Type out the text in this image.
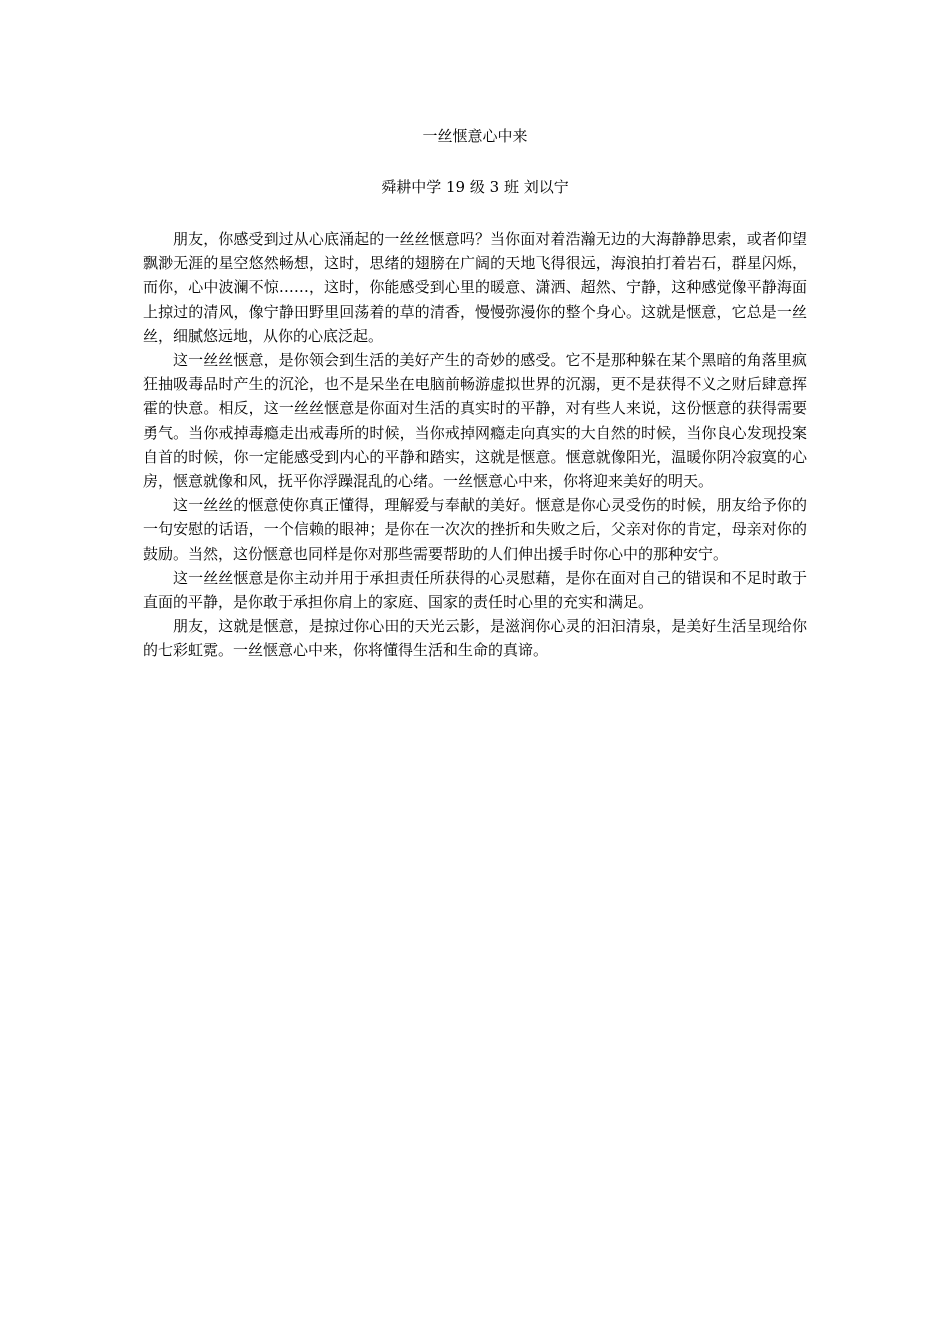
一丝惬意心中来
舜耕中学 19 级 3 班 刘以宁

朋友，你感受到过从心底涌起的一丝丝惬意吗？当你面对着浩瀚无边的大海静静思索，或者仰望飘渺无涯的星空悠然畅想，这时，思绪的翅膀在广阔的天地飞得很远，海浪拍打着岩石，群星闪烁，而你，心中波澜不惊……，这时，你能感受到心里的暖意、潇洒、超然、宁静，这种感觉像平静海面上掠过的清风，像宁静田野里回荡着的草的清香，慢慢弥漫你的整个身心。这就是惬意，它总是一丝丝，细腻悠远地，从你的心底泛起。

这一丝丝惬意，是你领会到生活的美好产生的奇妙的感受。它不是那种躲在某个黑暗的角落里疯狂抽吸毒品时产生的沉沦，也不是呆坐在电脑前畅游虚拟世界的沉溺，更不是获得不义之财后肆意挥霍的快意。相反，这一丝丝惬意是你面对生活的真实时的平静，对有些人来说，这份惬意的获得需要勇气。当你戒掉毒瘾走出戒毒所的时候，当你戒掉网瘾走向真实的大自然的时候，当你良心发现投案自首的时候，你一定能感受到内心的平静和踏实，这就是惬意。惬意就像阳光，温暖你阴冷寂寞的心房，惬意就像和风，抚平你浮躁混乱的心绪。一丝惬意心中来，你将迎来美好的明天。

这一丝丝的惬意使你真正懂得，理解爱与奉献的美好。惬意是你心灵受伤的时候，朋友给予你的一句安慰的话语，一个信赖的眼神；是你在一次次的挫折和失败之后，父亲对你的肯定，母亲对你的鼓励。当然，这份惬意也同样是你对那些需要帮助的人们伸出援手时你心中的那种安宁。

这一丝丝惬意是你主动并用于承担责任所获得的心灵慰藉，是你在面对自己的错误和不足时敢于直面的平静，是你敢于承担你肩上的家庭、国家的责任时心里的充实和满足。

朋友，这就是惬意，是掠过你心田的天光云影，是滋润你心灵的汩汩清泉，是美好生活呈现给你的七彩虹霓。一丝惬意心中来，你将懂得生活和生命的真谛。
